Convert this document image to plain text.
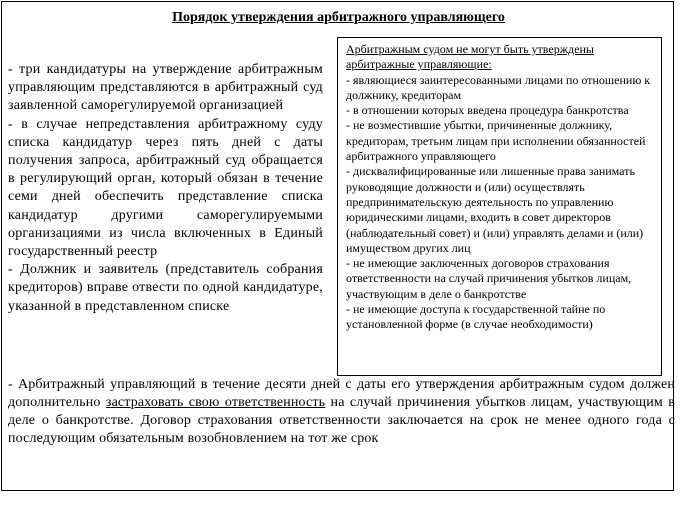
Порядок утверждения арбитражного управляющего

- три кандидатуры на утверждение арбитражным управляющим представляются в арбитражный суд заявленной саморегулируемой организацией

- в случае непредставления арбитражному суду списка кандидатур через пять дней с даты получения запроса, арбитражный суд обращается в регулирующий орган, который обязан в течение семи дней обеспечить представление списка кандидатур другими саморегулируемыми организациями из числа включенных в Единый государственный реестр

- Должник и заявитель (представитель собрания кредиторов) вправе отвести по одной кандидатуре, указанной в представленном списке

- Арбитражный управляющий в течение десяти дней с даты его утверждения арбитражным судом должен дополнительно застраховать свою ответственность на случай причинения убытков лицам, участвующим в деле о банкротстве. Договор страхования ответственности заключается на срок не менее одного года с последующим обязательным возобновлением на тот же срок

Арбитражным судом не могут быть утверждены арбитражные управляющие:

- являющиеся заинтересованными лицами по отношению к должнику, кредиторам

- в отношении которых введена процедура банкротства

- не возместившие убытки, причиненные должнику, кредиторам, третьим лицам при исполнении обязанностей арбитражного управляющего

- дисквалифицированные или лишенные права занимать руководящие должности и (или) осуществлять предпринимательскую деятельность по управлению юридическими лицами, входить в совет директоров (наблюдательный совет) и (или) управлять делами и (или) имуществом других лиц

- не имеющие заключенных договоров страхования ответственности на случай причинения убытков лицам, участвующим в деле о банкротстве

- не имеющие доступа к государственной тайне по установленной форме (в случае необходимости)
